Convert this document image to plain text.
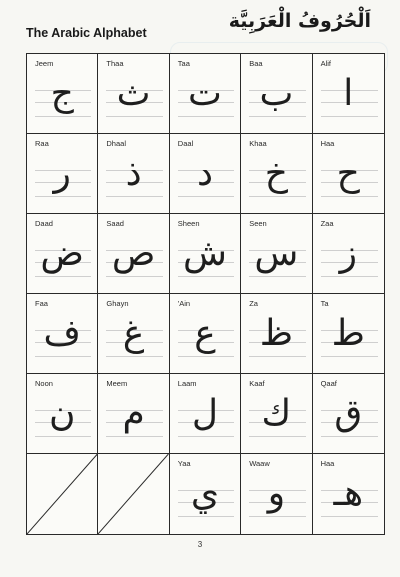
The Arabic Alphabet
اَلْحُرُوفُ الْعَرَبِيَّة
Jeem
ج
Thaa
ث
Taa
ت
Baa
ب
Alif
ا
Raa
ر
Dhaal
ذ
Daal
د
Khaa
خ
Haa
ح
Daad
ض
Saad
ص
Sheen
ش
Seen
س
Zaa
ز
Faa
ف
Ghayn
غ
'Ain
ع
Za
ظ
Ta
ط
Noon
ن
Meem
م
Laam
ل
Kaaf
ك
Qaaf
ق
Yaa
ي
Waaw
و
Haa
هـ
3
